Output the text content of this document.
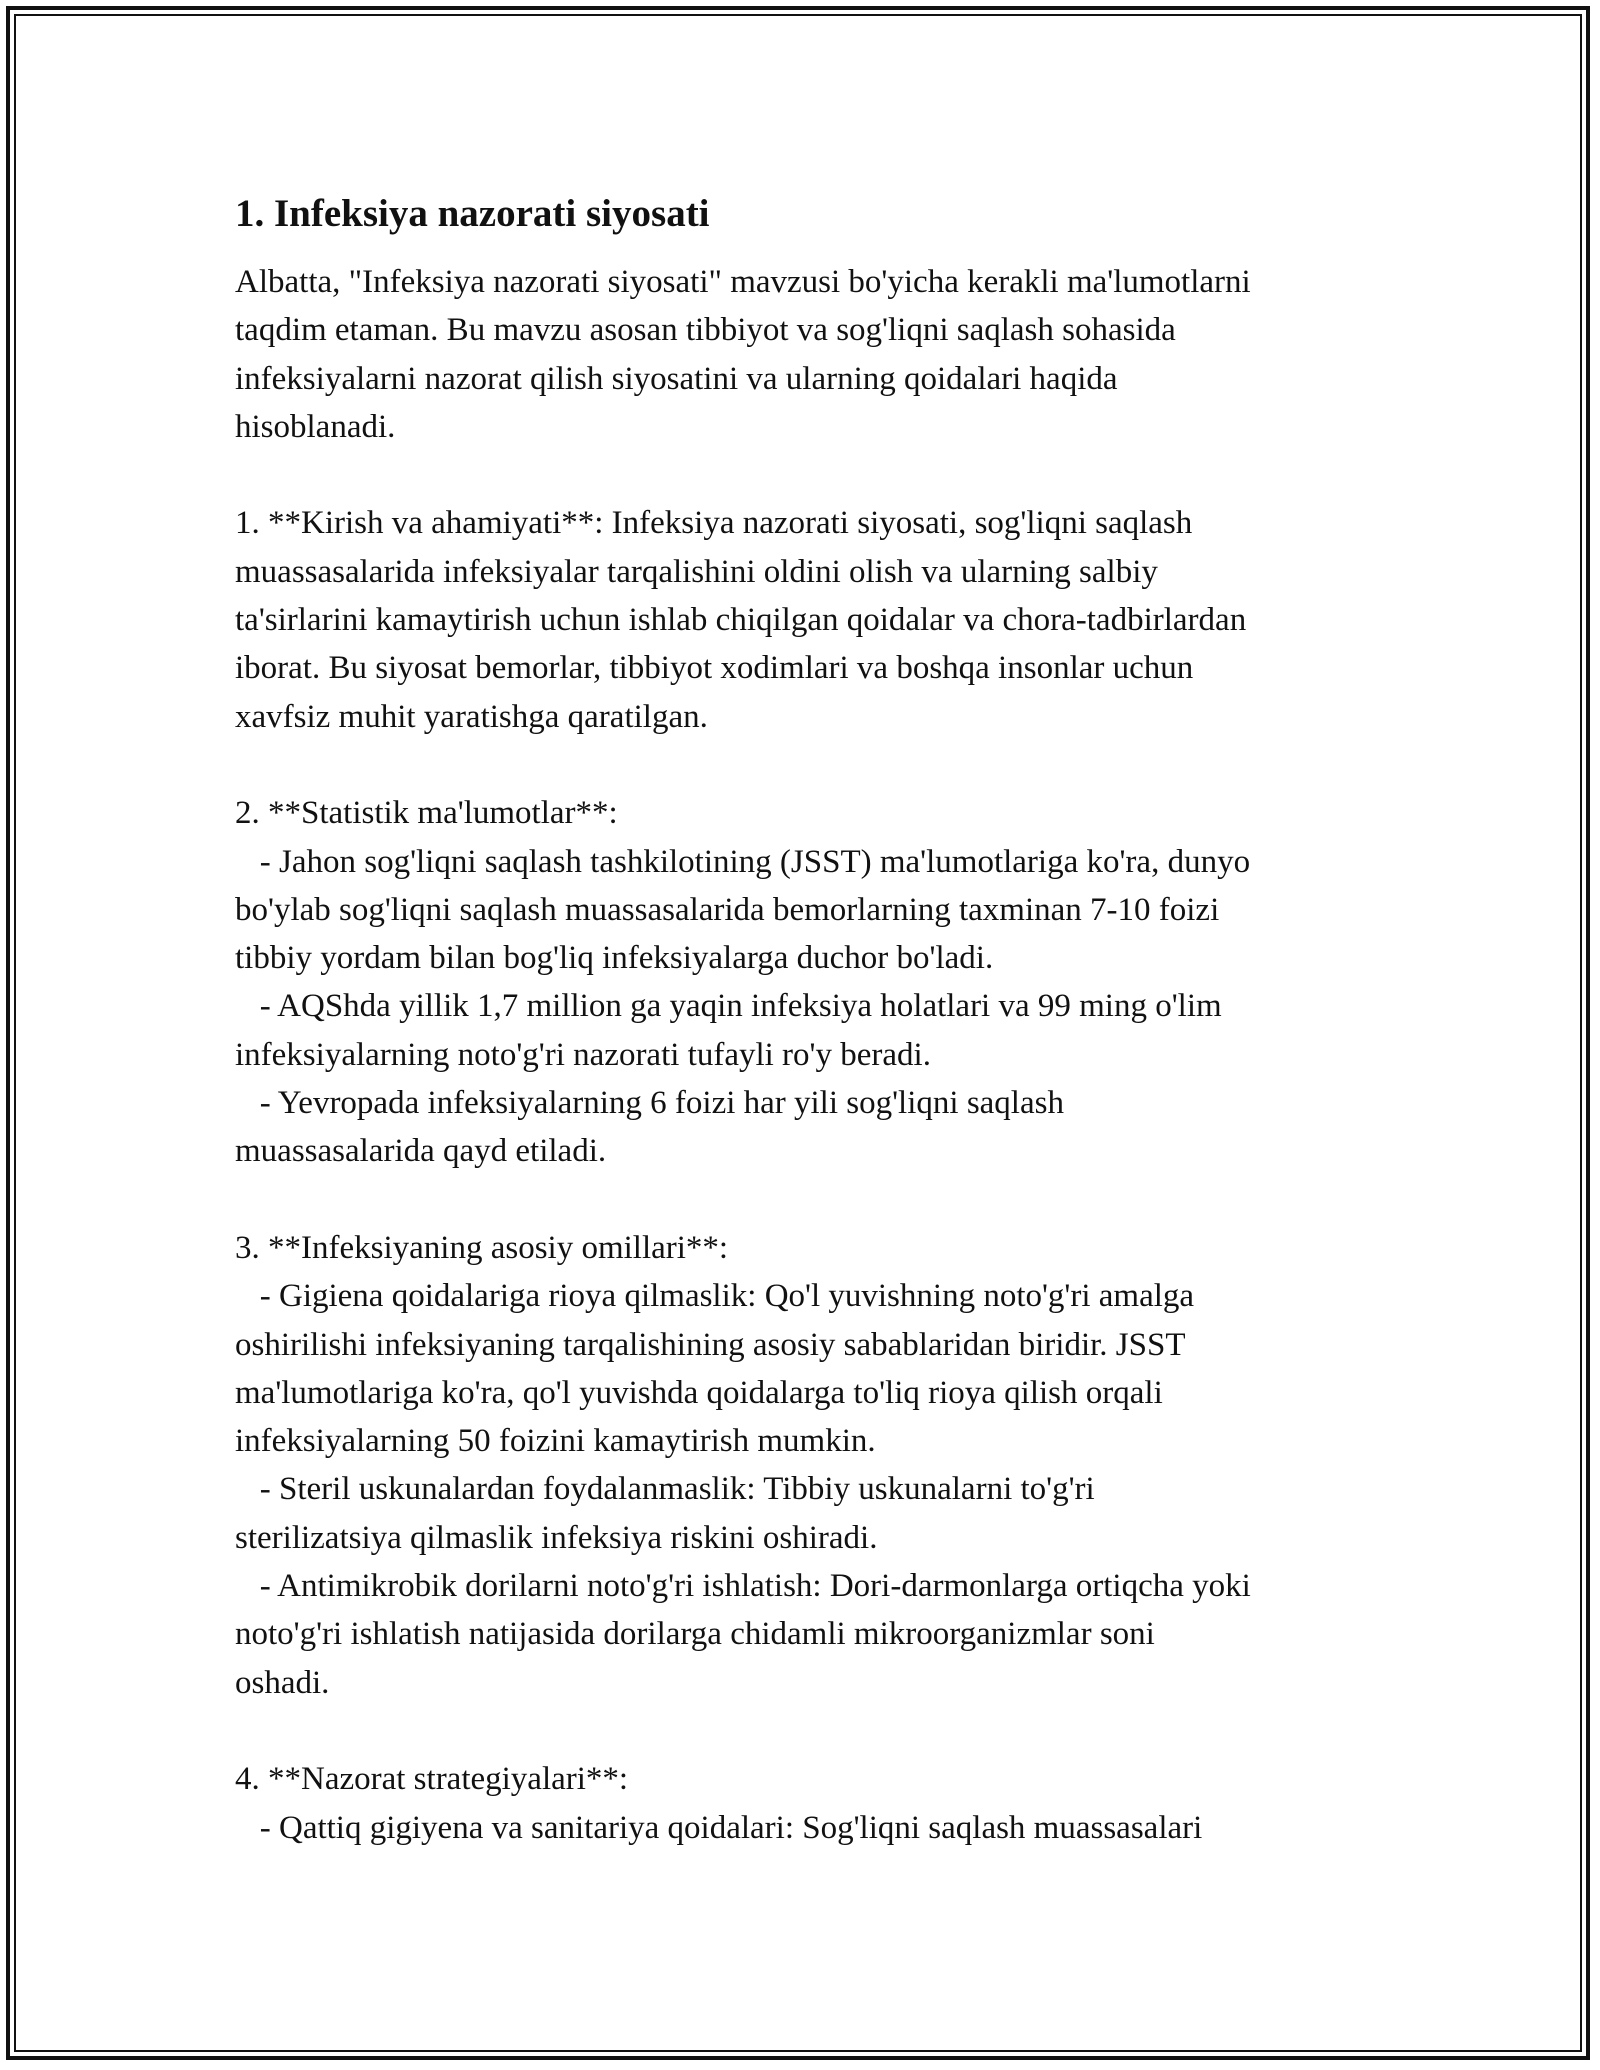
1. Infeksiya nazorati siyosati

Albatta, "Infeksiya nazorati siyosati" mavzusi bo'yicha kerakli ma'lumotlarni
taqdim etaman. Bu mavzu asosan tibbiyot va sog'liqni saqlash sohasida
infeksiyalarni nazorat qilish siyosatini va ularning qoidalari haqida
hisoblanadi.

1. **Kirish va ahamiyati**: Infeksiya nazorati siyosati, sog'liqni saqlash
muassasalarida infeksiyalar tarqalishini oldini olish va ularning salbiy
ta'sirlarini kamaytirish uchun ishlab chiqilgan qoidalar va chora-tadbirlardan
iborat. Bu siyosat bemorlar, tibbiyot xodimlari va boshqa insonlar uchun
xavfsiz muhit yaratishga qaratilgan.

2. **Statistik ma'lumotlar**:
- Jahon sog'liqni saqlash tashkilotining (JSST) ma'lumotlariga ko'ra, dunyo
bo'ylab sog'liqni saqlash muassasalarida bemorlarning taxminan 7-10 foizi
tibbiy yordam bilan bog'liq infeksiyalarga duchor bo'ladi.
- AQShda yillik 1,7 million ga yaqin infeksiya holatlari va 99 ming o'lim
infeksiyalarning noto'g'ri nazorati tufayli ro'y beradi.
- Yevropada infeksiyalarning 6 foizi har yili sog'liqni saqlash
muassasalarida qayd etiladi.

3. **Infeksiyaning asosiy omillari**:
- Gigiena qoidalariga rioya qilmaslik: Qo'l yuvishning noto'g'ri amalga
oshirilishi infeksiyaning tarqalishining asosiy sabablaridan biridir. JSST
ma'lumotlariga ko'ra, qo'l yuvishda qoidalarga to'liq rioya qilish orqali
infeksiyalarning 50 foizini kamaytirish mumkin.
- Steril uskunalardan foydalanmaslik: Tibbiy uskunalarni to'g'ri
sterilizatsiya qilmaslik infeksiya riskini oshiradi.
- Antimikrobik dorilarni noto'g'ri ishlatish: Dori-darmonlarga ortiqcha yoki
noto'g'ri ishlatish natijasida dorilarga chidamli mikroorganizmlar soni
oshadi.

4. **Nazorat strategiyalari**:
- Qattiq gigiyena va sanitariya qoidalari: Sog'liqni saqlash muassasalari
